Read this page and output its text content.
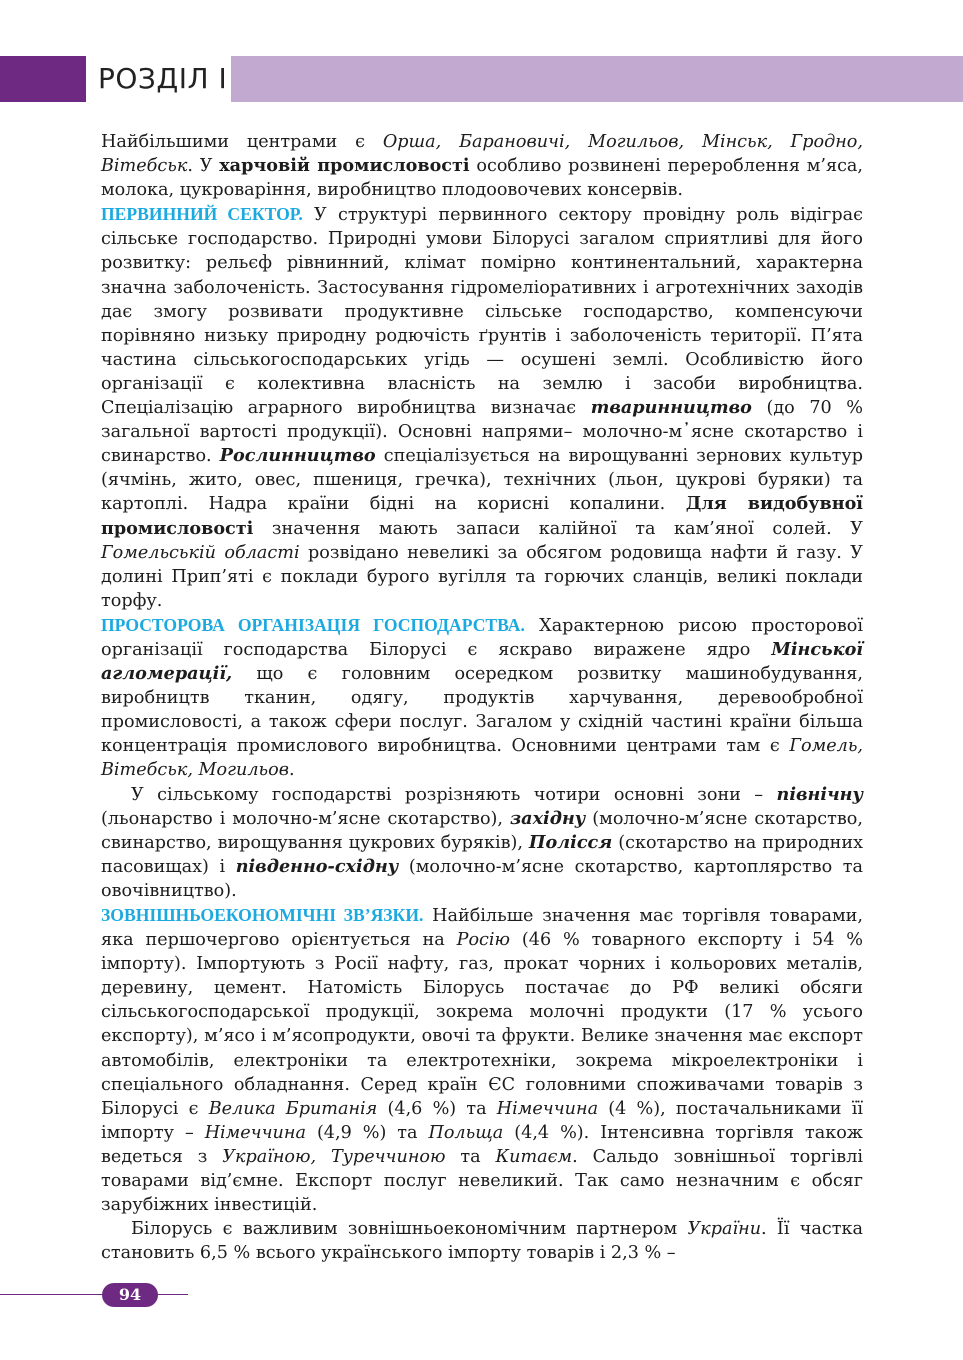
РОЗДІЛ І

Найбільшими центрами є Орша, Барановичі, Могильов, Мінськ, Гродно, Вітебськ. У харчовій промисловості особливо розвинені перероблення м’яса, молока, цукроваріння, виробництво плодоовочевих консервів.

ПЕРВИННИЙ СЕКТОР. У структурі первинного сектору провідну роль відіграє сільське господарство. Природні умови Білорусі загалом сприятливі для його розвитку: рельєф рівнинний, клімат помірно континентальний, характерна значна заболоченість. Застосування гідромеліоративних і агротехнічних заходів дає змогу розвивати продуктивне сільське господарство, компенсуючи порівняно низьку природну родючість ґрунтів і заболоченість території. П’ята частина сільськогосподарських угідь — осушені землі. Особливістю його організації є колективна власність на землю і засоби виробництва. Спеціалізацію аграрного виробництва визначає тваринництво (до 70 % загальної вартості продукції). Основні напрями– молочно-м᾽ясне скотарство і свинарство. Рослинництво спеціалізується на вирощуванні зернових культур (ячмінь, жито, овес, пшениця, гречка), технічних (льон, цукрові буряки) та картоплі. Надра країни бідні на корисні копалини. Для видобувної промисловості значення мають запаси калійної та кам’яної солей. У Гомельській області розвідано невеликі за обсягом родовища нафти й газу. У долині Прип’яті є поклади бурого вугілля та горючих сланців, великі поклади торфу.

ПРОСТОРОВА ОРГАНІЗАЦІЯ ГОСПОДАРСТВА. Характерною рисою просторової організації господарства Білорусі є яскраво виражене ядро Мінської агломерації, що є головним осередком розвитку машинобудування, виробництв тканин, одягу, продуктів харчування, деревообробної промисловості, а також сфери послуг. Загалом у східній частині країни більша концентрація промислового виробництва. Основними центрами там є Гомель, Вітебськ, Могильов.

У сільському господарстві розрізняють чотири основні зони – північну (льонарство і молочно-м’ясне скотарство), західну (молочно-м’ясне скотарство, свинарство, вирощування цукрових буряків), Полісся (скотарство на природних пасовищах) і південно-східну (молочно-м’ясне скотарство, картоплярство та овочівництво).

ЗОВНІШНЬОЕКОНОМІЧНІ ЗВ’ЯЗКИ. Найбільше значення має торгівля товарами, яка першочергово орієнтується на Росію (46 % товарного експорту і 54 % імпорту). Імпортують з Росії нафту, газ, прокат чорних і кольорових металів, деревину, цемент. Натомість Білорусь постачає до РФ великі обсяги сільськогосподарської продукції, зокрема молочні продукти (17 % усього експорту), м’ясо і м’ясопродукти, овочі та фрукти. Велике значення має експорт автомобілів, електроніки та електротехніки, зокрема мікроелектроніки і спеціального обладнання. Серед країн ЄС головними споживачами товарів з Білорусі є Велика Британія (4,6 %) та Німеччина (4 %), постачальниками її імпорту – Німеччина (4,9 %) та Польща (4,4 %). Інтенсивна торгівля також ведеться з Україною, Туреччиною та Китаєм. Сальдо зовнішньої торгівлі товарами від’ємне. Експорт послуг невеликий. Так само незначним є обсяг зарубіжних інвестицій.

Білорусь є важливим зовнішньоекономічним партнером України. Її частка становить 6,5 % всього українського імпорту товарів і 2,3 % –

94
